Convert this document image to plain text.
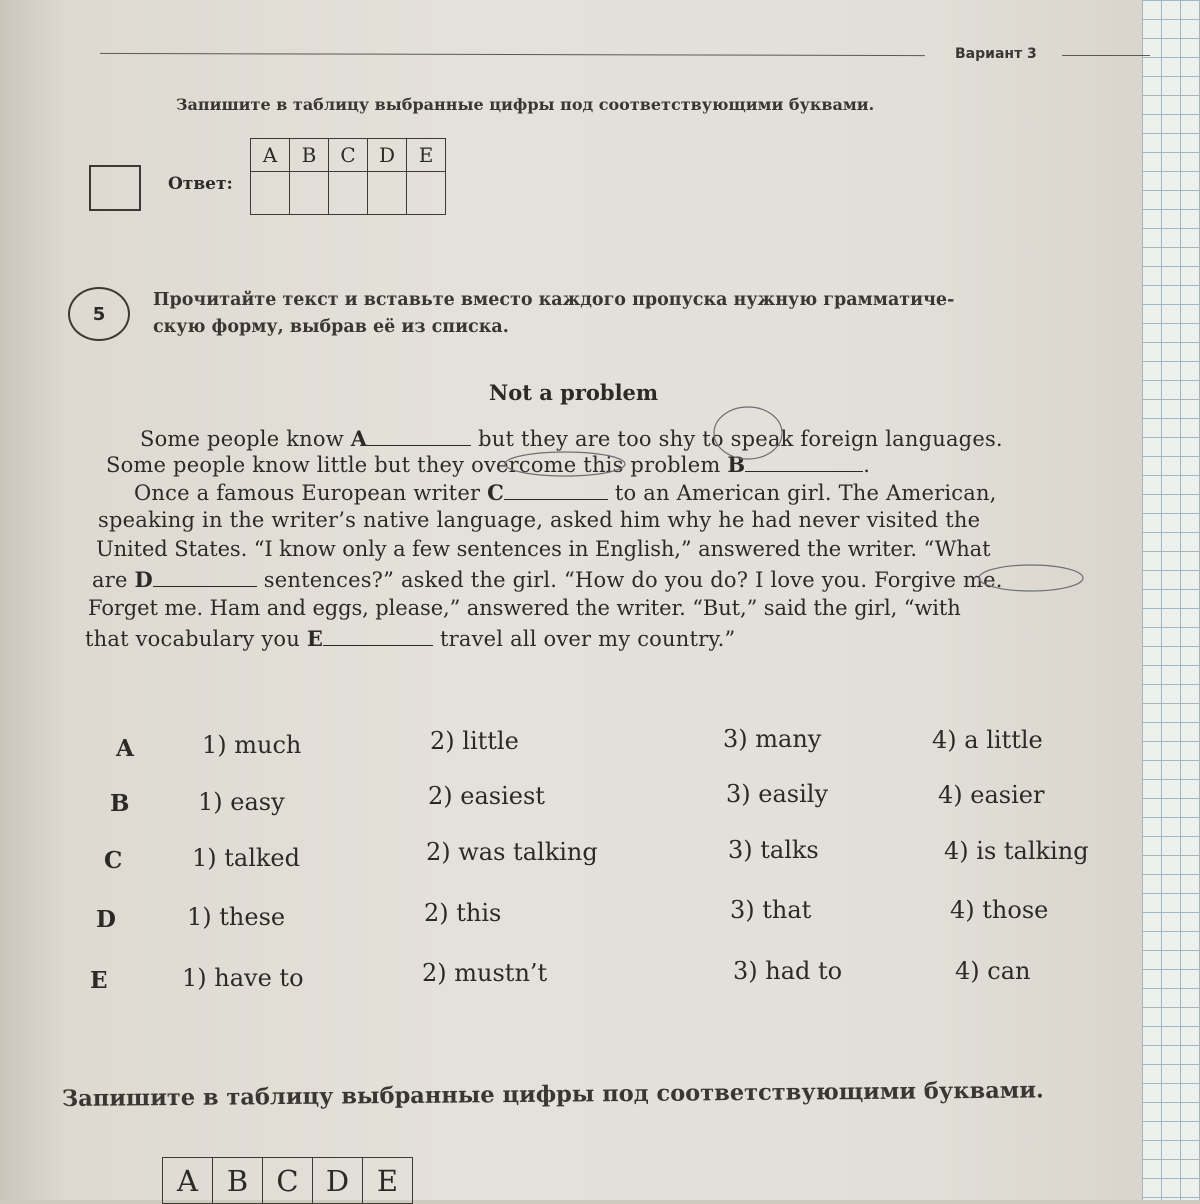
Вариант 3
Запишите в таблицу выбранные цифры под соответствующими буквами.
Ответ:
A	B	C	D	E

5
Прочитайте текст и вставьте вместо каждого пропуска нужную грамматиче-
скую форму, выбрав её из списка.
Not a problem
Some people know A	but they are too shy to speak foreign languages.
Some people know little but they overcome this problem B	.
Once a famous European writer C	to an American girl. The American,
speaking in the writer’s native language, asked him why he had never visited the
United States. “I know only a few sentences in English,” answered the writer. “What
are D	sentences?” asked the girl. “How do you do? I love you. Forgive me.
Forget me. Ham and eggs, please,” answered the writer. “But,” said the girl, “with
that vocabulary you E	travel all over my country.”
A	1) much	2) little	3) many	4) a little
B	1) easy	2) easiest	3) easily	4) easier
C	1) talked	2) was talking	3) talks	4) is talking
D	1) these	2) this	3) that	4) those
E	1) have to	2) mustn’t	3) had to	4) can
Запишите в таблицу выбранные цифры под соответствующими буквами.
A	B	C	D	E
